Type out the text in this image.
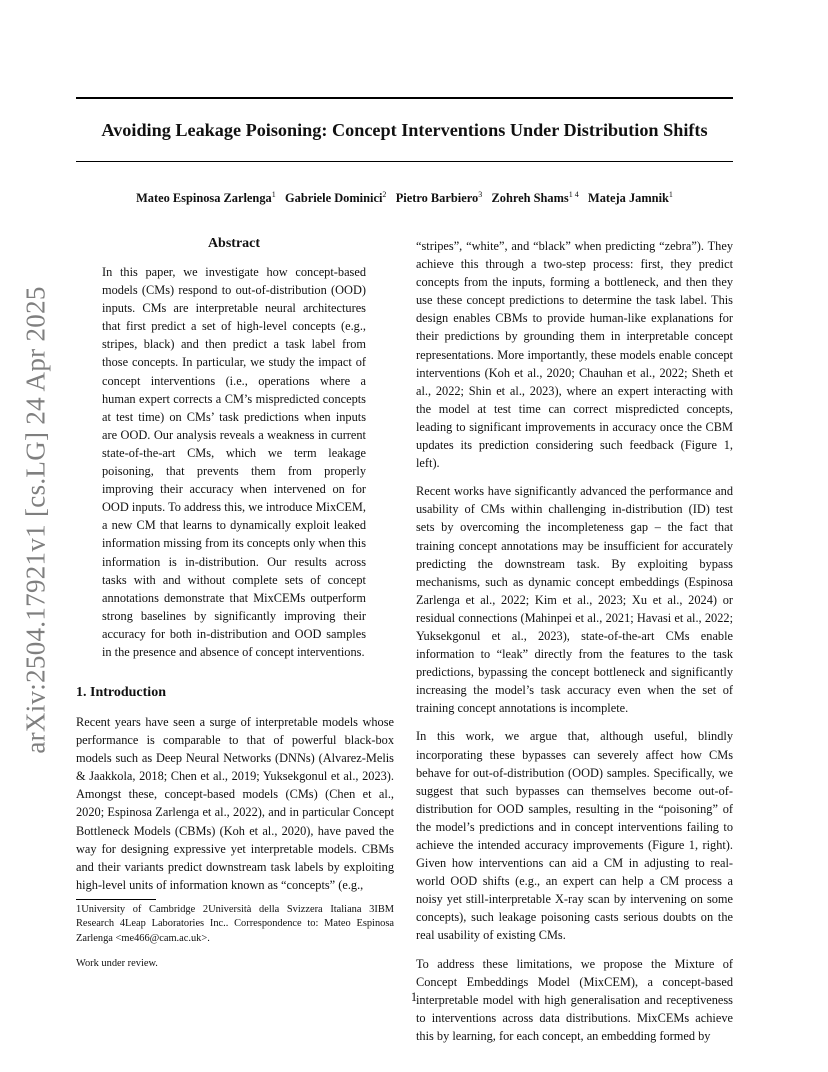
Avoiding Leakage Poisoning: Concept Interventions Under Distribution Shifts
Mateo Espinosa Zarlenga$^1$ Gabriele Dominici$^2$ Pietro Barbiero$^3$ Zohreh Shams$^{1 4}$ Mateja Jamnik$^1$
arXiv:2504.17921v1 [cs.LG] 24 Apr 2025
Abstract
In this paper, we investigate how concept-based models (CMs) respond to out-of-distribution (OOD) inputs. CMs are interpretable neural architectures that first predict a set of high-level concepts (e.g., stripes, black) and then predict a task label from those concepts. In particular, we study the impact of concept interventions (i.e., operations where a human expert corrects a CM’s mispredicted concepts at test time) on CMs’ task predictions when inputs are OOD. Our analysis reveals a weakness in current state-of-the-art CMs, which we term leakage poisoning, that prevents them from properly improving their accuracy when intervened on for OOD inputs. To address this, we introduce MixCEM, a new CM that learns to dynamically exploit leaked information missing from its concepts only when this information is in-distribution. Our results across tasks with and without complete sets of concept annotations demonstrate that MixCEMs outperform strong baselines by significantly improving their accuracy for both in-distribution and OOD samples in the presence and absence of concept interventions.
1. Introduction

Recent years have seen a surge of interpretable models whose performance is comparable to that of powerful black-box models such as Deep Neural Networks (DNNs) (Alvarez-Melis & Jaakkola, 2018; Chen et al., 2019; Yuksekgonul et al., 2023). Amongst these, concept-based models (CMs) (Chen et al., 2020; Espinosa Zarlenga et al., 2022), and in particular Concept Bottleneck Models (CBMs) (Koh et al., 2020), have paved the way for designing expressive yet interpretable models. CBMs and their variants predict downstream task labels by exploiting high-level units of information known as “concepts” (e.g.,

“stripes”, “white”, and “black” when predicting “zebra”). They achieve this through a two-step process: first, they predict concepts from the inputs, forming a bottleneck, and then they use these concept predictions to determine the task label. This design enables CBMs to provide human-like explanations for their predictions by grounding them in interpretable concept representations. More importantly, these models enable concept interventions (Koh et al., 2020; Chauhan et al., 2022; Sheth et al., 2022; Shin et al., 2023), where an expert interacting with the model at test time can correct mispredicted concepts, leading to significant improvements in accuracy once the CBM updates its prediction considering such feedback (Figure 1, left).

Recent works have significantly advanced the performance and usability of CMs within challenging in-distribution (ID) test sets by overcoming the incompleteness gap – the fact that training concept annotations may be insufficient for accurately predicting the downstream task. By exploiting bypass mechanisms, such as dynamic concept embeddings (Espinosa Zarlenga et al., 2022; Kim et al., 2023; Xu et al., 2024) or residual connections (Mahinpei et al., 2021; Havasi et al., 2022; Yuksekgonul et al., 2023), state-of-the-art CMs enable information to “leak” directly from the features to the task predictions, bypassing the concept bottleneck and significantly increasing the model’s task accuracy even when the set of training concept annotations is incomplete.

In this work, we argue that, although useful, blindly incorporating these bypasses can severely affect how CMs behave for out-of-distribution (OOD) samples. Specifically, we suggest that such bypasses can themselves become out-of-distribution for OOD samples, resulting in the “poisoning” of the model’s predictions and in concept interventions failing to achieve the intended accuracy improvements (Figure 1, right). Given how interventions can aid a CM in adjusting to real-world OOD shifts (e.g., an expert can help a CM process a noisy yet still-interpretable X-ray scan by intervening on some concepts), such leakage poisoning casts serious doubts on the real usability of existing CMs.

To address these limitations, we propose the Mixture of Concept Embeddings Model (MixCEM), a concept-based interpretable model with high generalisation and receptiveness to interventions across data distributions. MixCEMs achieve this by learning, for each concept, an embedding formed by

1University of Cambridge 2Università della Svizzera Italiana 3IBM Research 4Leap Laboratories Inc.. Correspondence to: Mateo Espinosa Zarlenga <me466@cam.ac.uk>.
Work under review.
1
